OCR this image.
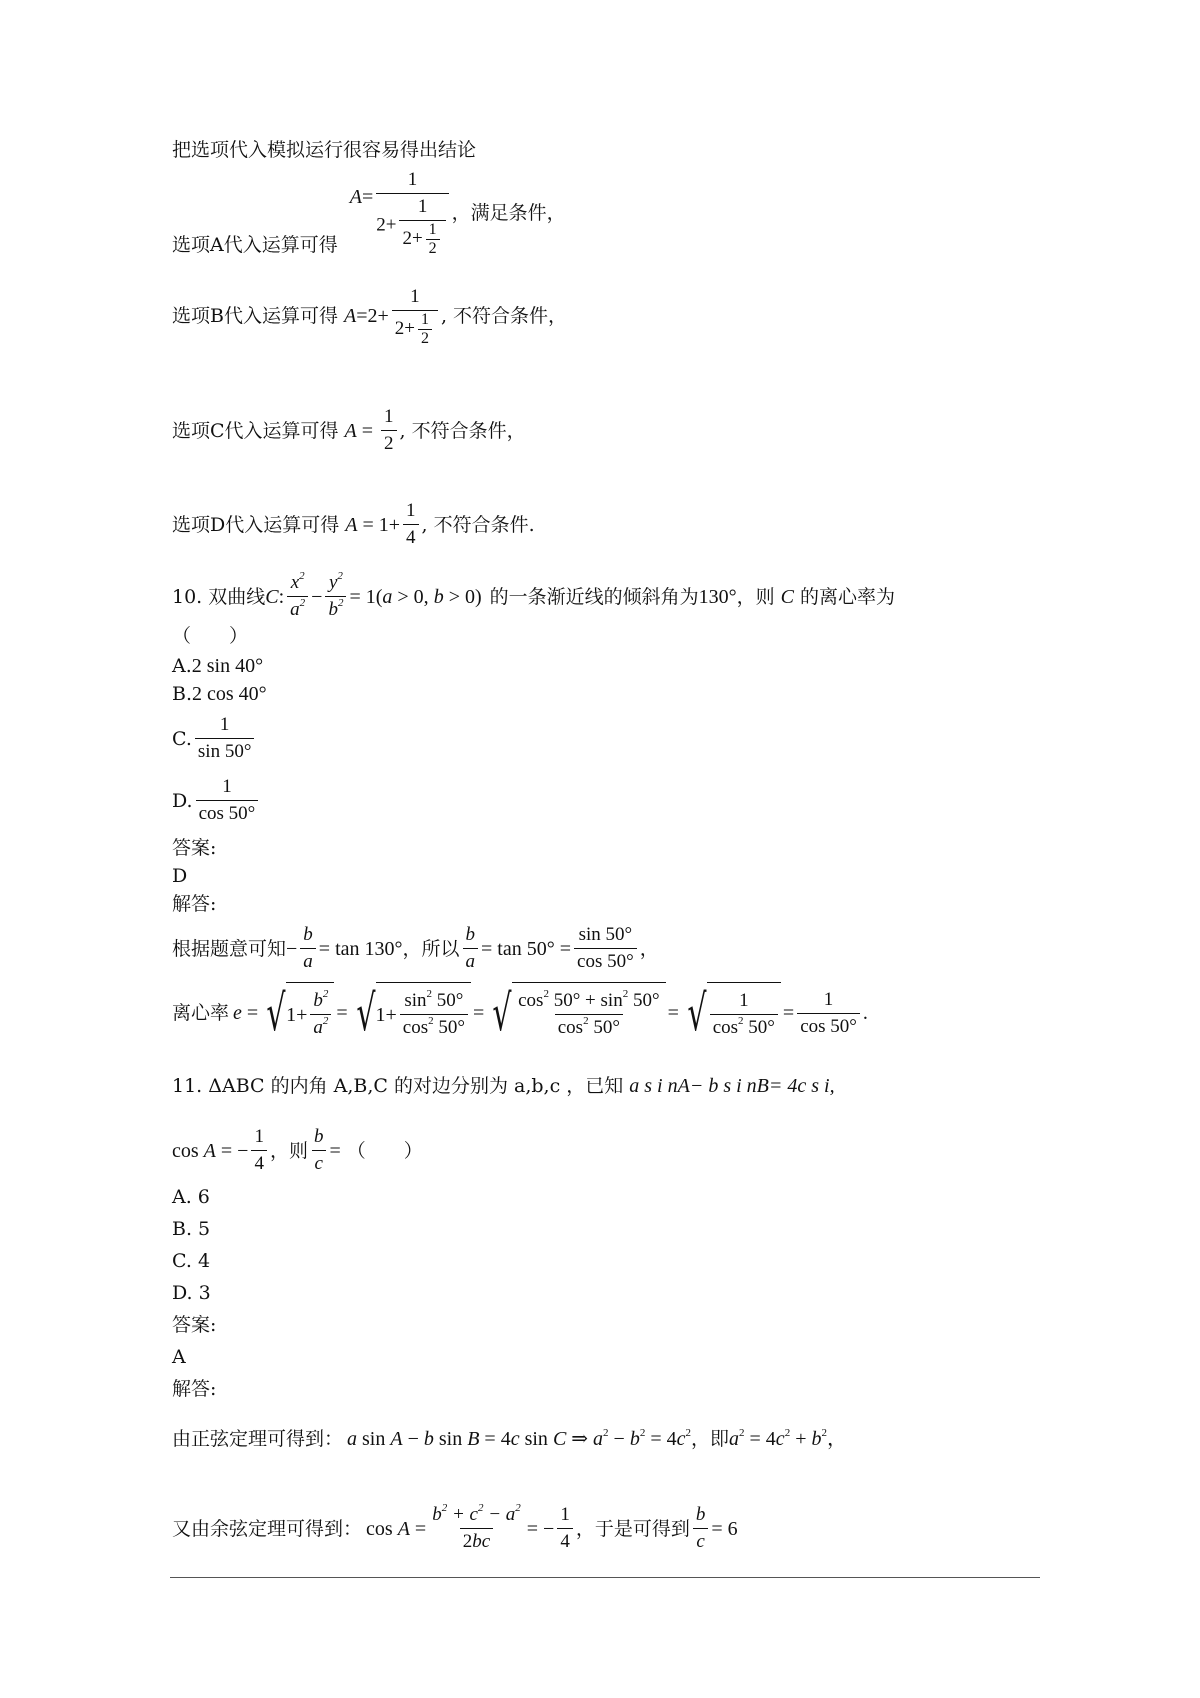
把选项代入模拟运行很容易得出结论
选项A代入运算可得
$A = \frac{1}{2+ \frac{1}{2+ \frac{1}{2}}}$ ，满足条件，
选项B代入运算可得 $A =2+ \frac{1}{2+ \frac{1}{2}}$ , 不符合条件，
选项C代入运算可得 $A = \frac{1}{2}$ , 不符合条件，
选项D代入运算可得 $A = 1+ \frac{1}{4}$ , 不符合条件.
10. 双曲线 C : $\frac{x^2}{a^2} - \frac{y^2}{b^2} = 1(a > 0$, b > 0) 的一条渐近线的倾斜角为 130° ，则 C 的离心率为
（　　）
A. 2 sin 40°
B. 2 cos 40°
C. $\frac{1}{\sin 50^\circ}$
D. $\frac{1}{\cos 50^\circ}$
答案:
D
解答:
根据题意可知 − $\frac{b}{a} = \tan 130^\circ$ ，所以 $\frac{b}{a} = \tan 50^\circ = \frac{\sin 50^\circ}{\cos 50^\circ}$ ，
离心率 e = √ $1+ \frac{b^2}{a^2}$ = √ $1+ \frac{\sin^2 50^\circ}{\cos^2 50^\circ}$ = √ $\frac{\cos^2 50^\circ + \sin^2 50^\circ}{\cos^2 50^\circ}$ = √ $\frac{1}{\cos^2 50^\circ} = \frac{1}{\cos 50^\circ}$ .
11. ΔABC 的内角 A,B,C 的对边分别为 a,b,c ，已知 a s i nA− b s i nB= 4c s i,
cos A = − $\frac{1}{4}$ ，则 $\frac{b}{c}$ = （　　）
A. 6
B. 5
C. 4
D. 3
答案:
A
解答:
由正弦定理可得到： a sin A − b sin B = 4c sin C ⇒ $a^2 - b^2 = 4c^2$ ，即 $a^2 = 4c^2 + b^2$，
又由余弦定理可得到： $\cos A = \frac{b^2 + c^2 - a^2}{2bc}$ = − $\frac{1}{4}$ ，于是可得到 $\frac{b}{c} = 6$
